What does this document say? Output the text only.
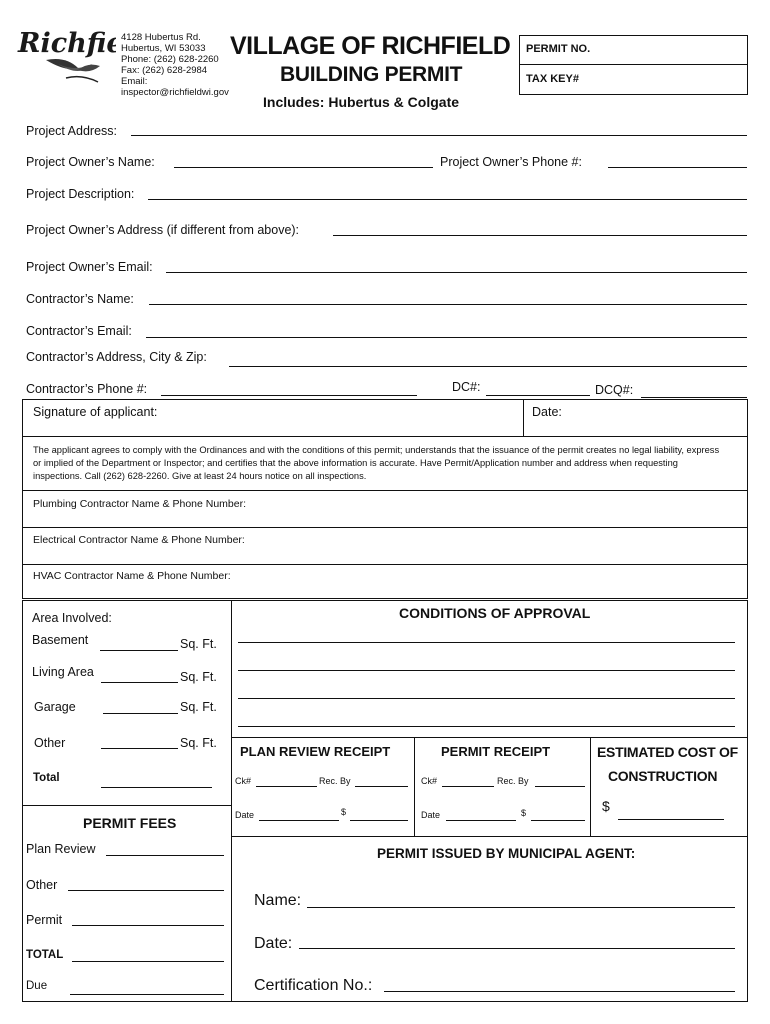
Richfi	4128 Hubertus Rd.
Hubertus, WI 53033
Phone: (262) 628-2260
Fax: (262) 628-2984
Email:
inspector@richfieldwi.gov
VILLAGE OF RICHFIELD
BUILDING PERMIT
Includes: Hubertus & Colgate
PERMIT NO.
TAX KEY#
Project Address:
Project Owner’s Name:	Project Owner’s Phone #:
Project Description:
Project Owner’s Address (if different from above):
Project Owner’s Email:
Contractor’s Name:
Contractor’s Email:
Contractor’s Address, City & Zip:
Contractor’s Phone #:	DC#:	DCQ#:
Signature of applicant:	Date:
The applicant agrees to comply with the Ordinances and with the conditions of this permit; understands that the issuance of the permit creates no legal liability, express or implied of the Department or Inspector; and certifies that the above information is accurate. Have Permit/Application number and address when requesting inspections. Call (262) 628-2260. Give at least 24 hours notice on all inspections.
Plumbing Contractor Name & Phone Number:
Electrical Contractor Name & Phone Number:
HVAC Contractor Name & Phone Number:
Area Involved:
Basement	Sq. Ft.
Living Area	Sq. Ft.
Garage	Sq. Ft.
Other	Sq. Ft.
Total
CONDITIONS OF APPROVAL
PLAN REVIEW RECEIPT
Ck#	Rec. By
Date	$
PERMIT RECEIPT
Ck#	Rec. By
Date	$
ESTIMATED COST OF
CONSTRUCTION
$
PERMIT FEES
Plan Review
Other
Permit
TOTAL
Due
PERMIT ISSUED BY MUNICIPAL AGENT:
Name:
Date:
Certification No.:
